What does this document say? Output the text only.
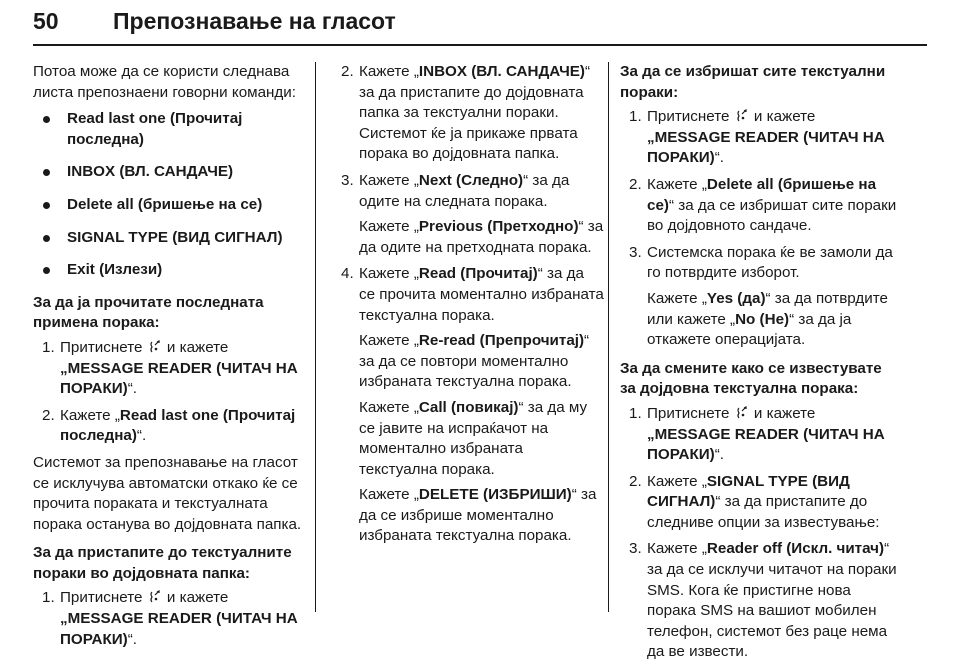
50 Препознавање на гласот

Потоа може да се користи следнава листа препознаени говорни команди:

Read last one (Прочитај последна)
INBOX (ВЛ. САНДАЧЕ)
Delete all (бришење на се)
SIGNAL TYPE (ВИД СИГНАЛ)
Exit (Излези)
За да ја прочитате последната примена порака:
1. Притиснете и кажете „MESSAGE READER (ЧИТАЧ НА ПОРАКИ)“.
2. Кажете „Read last one (Прочитај последна)“.

Системот за препознавање на гласот се исклучува автоматски откако ќе се прочита пораката и текстуалната порака останува во дојдовната папка.

За да пристапите до текстуалните пораки во дојдовната папка:
1. Притиснете и кажете „MESSAGE READER (ЧИТАЧ НА ПОРАКИ)“.
2. Кажете „INBOX (ВЛ. САНДАЧЕ)“ за да пристапите до дојдовната папка за текстуални пораки. Системот ќе ја прикаже првата порака во дојдовната папка.
3. Кажете „Next (Следно)“ за да одите на следната порака.
Кажете „Previous (Претходно)“ за да одите на претходната порака.
4. Кажете „Read (Прочитај)“ за да се прочита моментално избраната текстуална порака.
Кажете „Re-read (Препрочитај)“ за да се повтори моментално избраната текстуална порака.
Кажете „Call (повикај)“ за да му се јавите на испраќачот на моментално избраната текстуална порака.
Кажете „DELETE (ИЗБРИШИ)“ за да се избрише моментално избраната текстуална порака.
За да се избришат сите текстуални пораки:
1. Притиснете и кажете „MESSAGE READER (ЧИТАЧ НА ПОРАКИ)“.
2. Кажете „Delete all (бришење на се)“ за да се избришат сите пораки во дојдовното сандаче.
3. Системска порака ќе ве замоли да го потврдите изборот.
Кажете „Yes (да)“ за да потврдите или кажете „No (Не)“ за да ја откажете операцијата.
За да смените како се известувате за дојдовна текстуална порака:
1. Притиснете и кажете „MESSAGE READER (ЧИТАЧ НА ПОРАКИ)“.
2. Кажете „SIGNAL TYPE (ВИД СИГНАЛ)“ за да пристапите до следниве опции за известување:
3. Кажете „Reader off (Искл. читач)“ за да се исклучи читачот на пораки SMS. Кога ќе пристигне нова порака SMS на вашиот мобилен телефон, системот без раце нема да ве извести.
